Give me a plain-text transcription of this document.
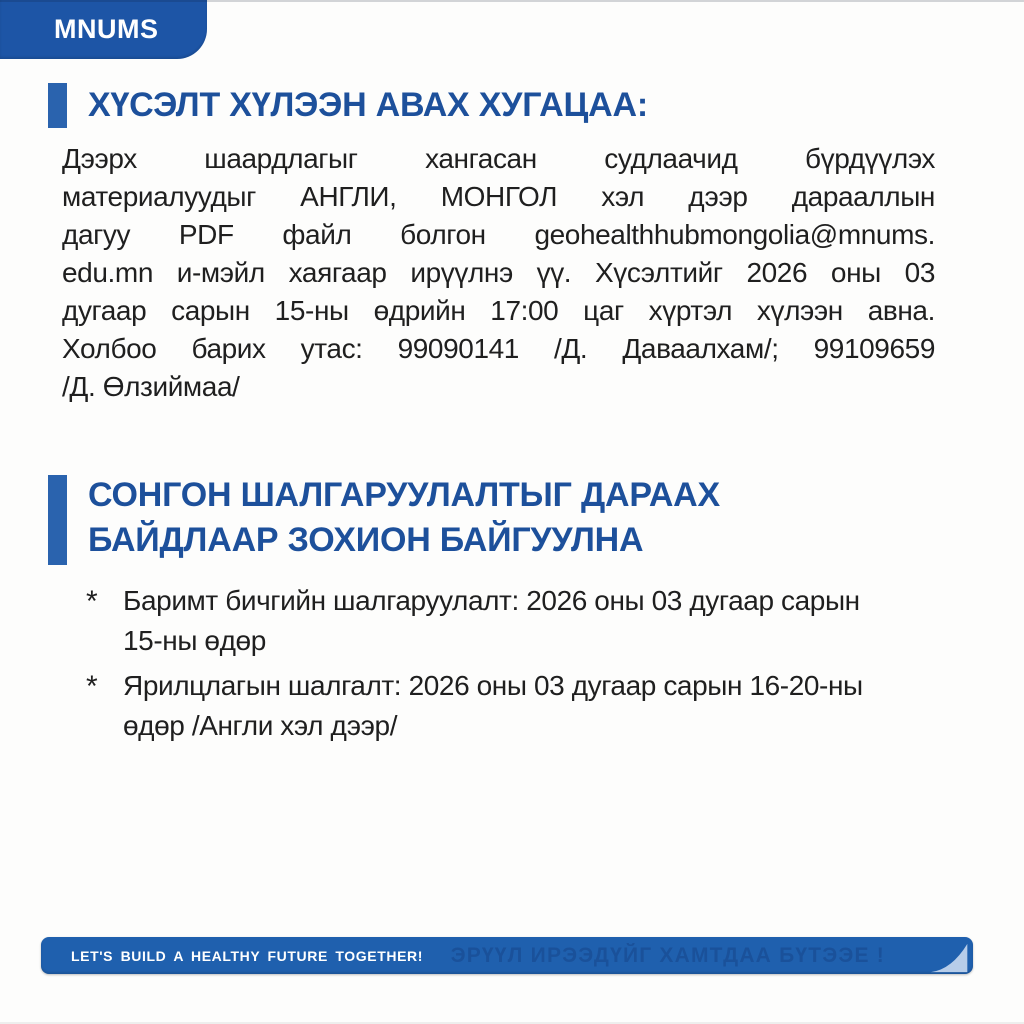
MNUMS
ХҮСЭЛТ ХҮЛЭЭН АВАХ ХУГАЦАА:
Дээрх шаардлагыг хангасан судлаачид бүрдүүлэх
материалуудыг АНГЛИ, МОНГОЛ хэл дээр дарааллын
дагуу PDF файл болгон geohealthhubmongolia@mnums.
edu.mn и-мэйл хаягаар ирүүлнэ үү. Хүсэлтийг 2026 оны 03
дугаар сарын 15-ны өдрийн 17:00 цаг хүртэл хүлээн авна.
Холбоо барих утас: 99090141 /Д. Даваалхам/; 99109659
/Д. Өлзиймаа/
СОНГОН ШАЛГАРУУЛАЛТЫГ ДАРААХ
БАЙДЛААР ЗОХИОН БАЙГУУЛНА
* Баримт бичгийн шалгаруулалт: 2026 оны 03 дугаар сарын
15-ны өдөр
* Ярилцлагын шалгалт: 2026 оны 03 дугаар сарын 16-20-ны
өдөр /Англи хэл дээр/
LET'S BUILD A HEALTHY FUTURE TOGETHER! ЭРҮҮЛ ИРЭЭДҮЙГ ХАМТДАА БҮТЭЭЕ !
